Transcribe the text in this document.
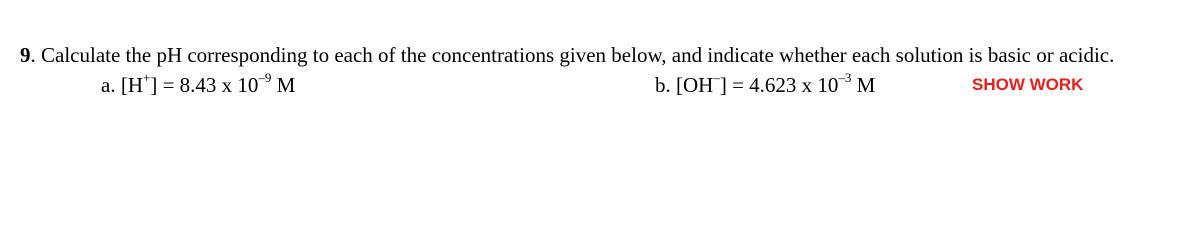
9. Calculate the pH corresponding to each of the concentrations given below, and indicate whether each solution is basic or acidic.
a. [H+] = 8.43 x $10^{-9}$ M	b. [OH–] = 4.623 x $10^{-3}$ M	SHOW WORK
